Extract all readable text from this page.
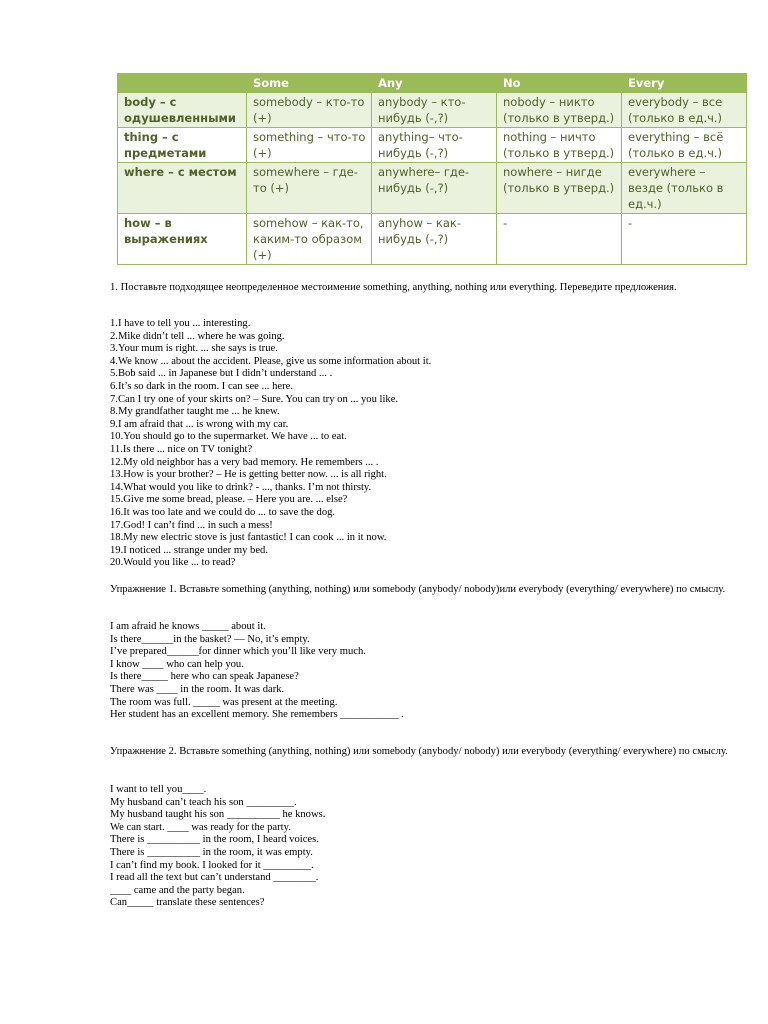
	Some	Any	No	Every
body – с одушевленными	somebody – кто-то (+)	anybody – кто-нибудь (-,?)	nobody – никто (только в утверд.)	everybody – все (только в ед.ч.)
thing – с предметами	something – что-то (+)	anything– что-нибудь (-,?)	nothing – ничто (только в утверд.)	everything – всё (только в ед.ч.)
where – с местом	somewhere – где-то (+)	anywhere– где-нибудь (-,?)	nowhere – нигде (только в утверд.)	everywhere – везде (только в ед.ч.)
how – в выражениях	somehow – как-то, каким-то образом (+)	anyhow – как-нибудь (-,?)	-	-
1. Поставьте подходящее неопределенное местоимение something, anything, nothing или everything. Переведите предложения.
1.I have to tell you ... interesting.
2.Mike didn’t tell ... where he was going.
3.Your mum is right. ... she says is true.
4.We know ... about the accident. Please, give us some information about it.
5.Bob said ... in Japanese but I didn’t understand ... .
6.It’s so dark in the room. I can see ... here.
7.Can I try one of your skirts on? – Sure. You can try on ... you like.
8.My grandfather taught me ... he knew.
9.I am afraid that ... is wrong with my car.
10.You should go to the supermarket. We have ... to eat.
11.Is there ... nice on TV tonight?
12.My old neighbor has a very bad memory. He remembers ... .
13.How is your brother? – He is getting better now. ... is all right.
14.What would you like to drink? - ..., thanks. I’m not thirsty.
15.Give me some bread, please. – Here you are. ... else?
16.It was too late and we could do ... to save the dog.
17.God! I can’t find ... in such a mess!
18.My new electric stove is just fantastic! I can cook ... in it now.
19.I noticed ... strange under my bed.
20.Would you like ... to read?
Упражнение 1. Вставьте something (anything, nothing) или somebody (anybody/ nobody)или everybody (everything/ everywhere) по смыслу.
I am afraid he knows _____ about it.
Is there______in the basket? — No, it’s empty.
I’ve prepared______for dinner which you’ll like very much.
I know ____ who can help you.
Is there_____ here who can speak Japanese?
There was ____ in the room. It was dark.
The room was full. _____ was present at the meeting.
Her student has an excellent memory. She remembers ___________ .
Упражнение 2. Вставьте something (anything, nothing) или somebody (anybody/ nobody) или everybody (everything/ everywhere) по смыслу.
I want to tell you____.
My husband can’t teach his son _________.
My husband taught his son __________ he knows.
We can start. ____ was ready for the party.
There is __________ in the room, I heard voices.
There is __________ in the room, it was empty.
I can’t find my book. I looked for it _________.
I read all the text but can’t understand ________.
____ came and the party began.
Can_____ translate these sentences?
